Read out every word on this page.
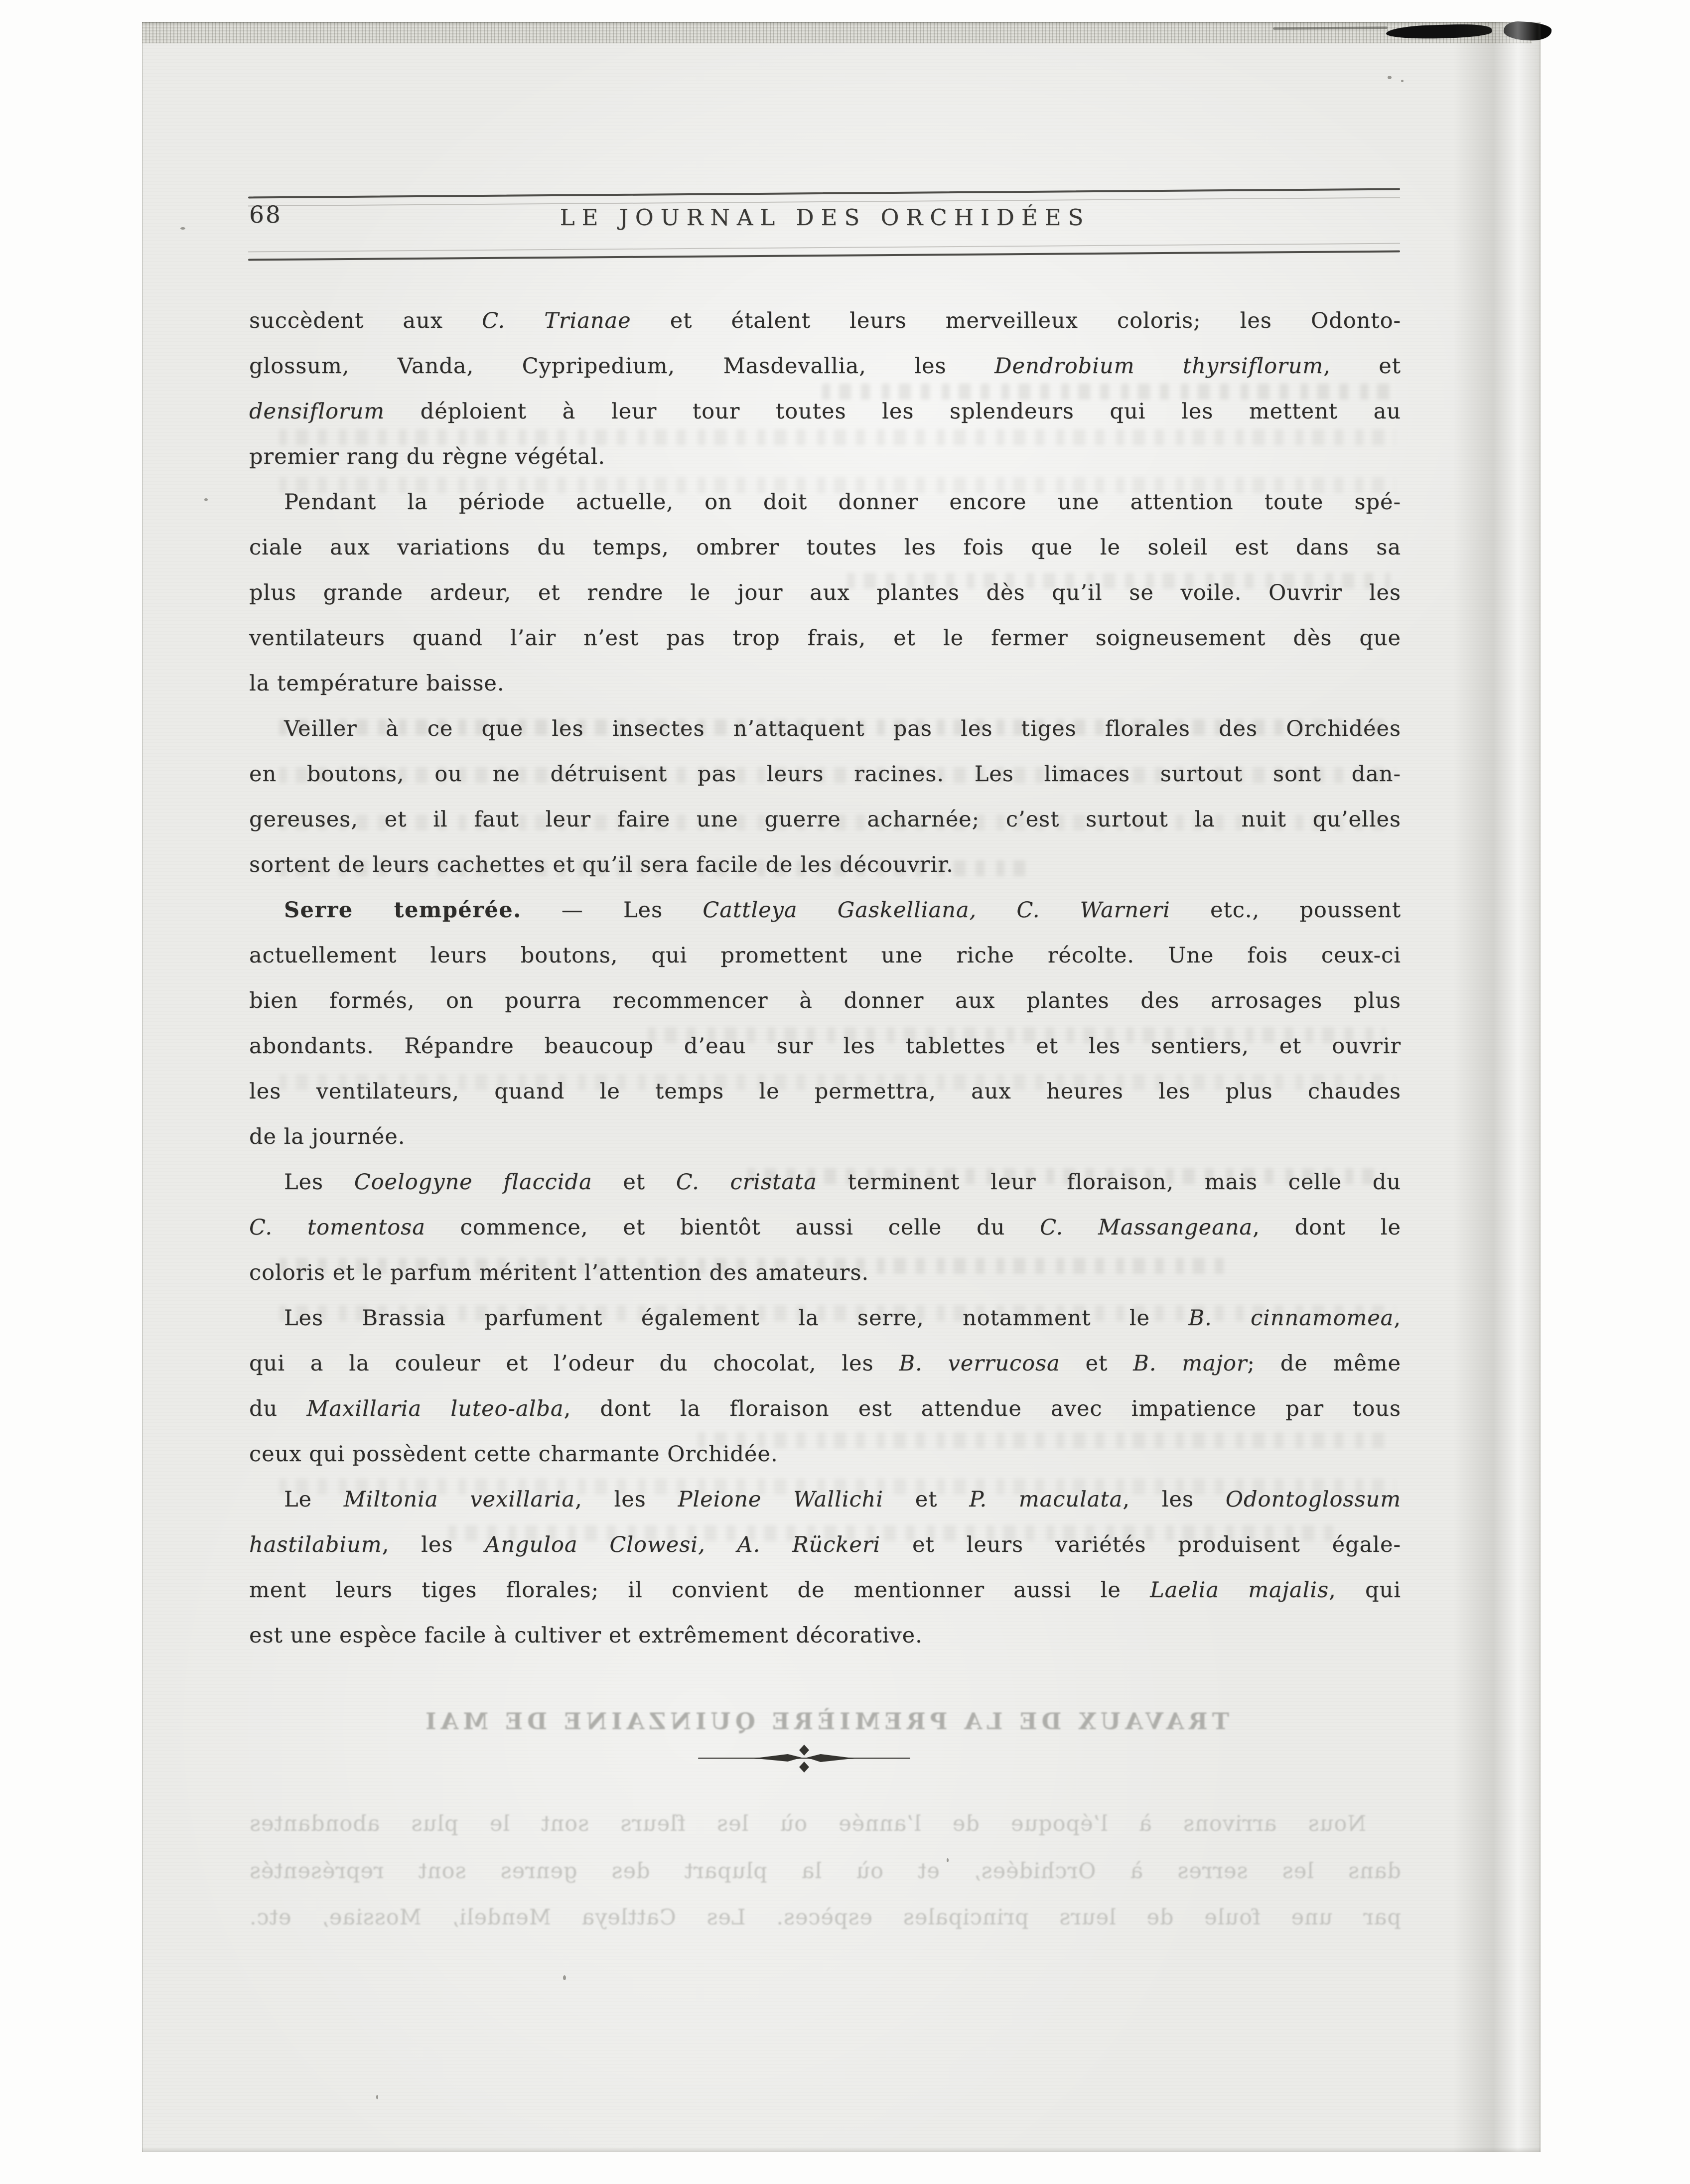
68	LE JOURNAL DES ORCHIDÉES
succèdent aux C. Trianae et étalent leurs merveilleux coloris; les Odonto-
glossum, Vanda, Cypripedium, Masdevallia, les Dendrobium thyrsiflorum, et
densiflorum déploient à leur tour toutes les splendeurs qui les mettent au
premier rang du règne végétal.
Pendant la période actuelle, on doit donner encore une attention toute spé-
ciale aux variations du temps, ombrer toutes les fois que le soleil est dans sa
plus grande ardeur, et rendre le jour aux plantes dès qu’il se voile. Ouvrir les
ventilateurs quand l’air n’est pas trop frais, et le fermer soigneusement dès que
la température baisse.
Veiller à ce que les insectes n’attaquent pas les tiges florales des Orchidées
en boutons, ou ne détruisent pas leurs racines. Les limaces surtout sont dan-
gereuses, et il faut leur faire une guerre acharnée; c’est surtout la nuit qu’elles
sortent de leurs cachettes et qu’il sera facile de les découvrir.
Serre tempérée. — Les Cattleya Gaskelliana, C. Warneri etc., poussent
actuellement leurs boutons, qui promettent une riche récolte. Une fois ceux-ci
bien formés, on pourra recommencer à donner aux plantes des arrosages plus
abondants. Répandre beaucoup d’eau sur les tablettes et les sentiers, et ouvrir
les ventilateurs, quand le temps le permettra, aux heures les plus chaudes
de la journée.
Les Coelogyne flaccida et C. cristata terminent leur floraison, mais celle du
C. tomentosa commence, et bientôt aussi celle du C. Massangeana, dont le
coloris et le parfum méritent l’attention des amateurs.
Les Brassia parfument également la serre, notamment le B. cinnamomea,
qui a la couleur et l’odeur du chocolat, les B. verrucosa et B. major; de même
du Maxillaria luteo-alba, dont la floraison est attendue avec impatience par tous
ceux qui possèdent cette charmante Orchidée.
Le Miltonia vexillaria, les Pleione Wallichi et P. maculata, les Odontoglossum
hastilabium, les Anguloa Clowesi, A. Rückeri et leurs variétés produisent égale-
ment leurs tiges florales; il convient de mentionner aussi le Laelia majalis, qui
est une espèce facile à cultiver et extrêmement décorative.
TRAVAUX DE LA PREMIÈRE QUINZAINE DE MAI
Nous arrivons à l’époque de l’année où les fleurs sont le plus abondantes
dans les serres à Orchidées, et où la plupart des genres sont représentés
par une foule de leurs principales espèces. Les Cattleya Mendeli, Mossiae, etc.
